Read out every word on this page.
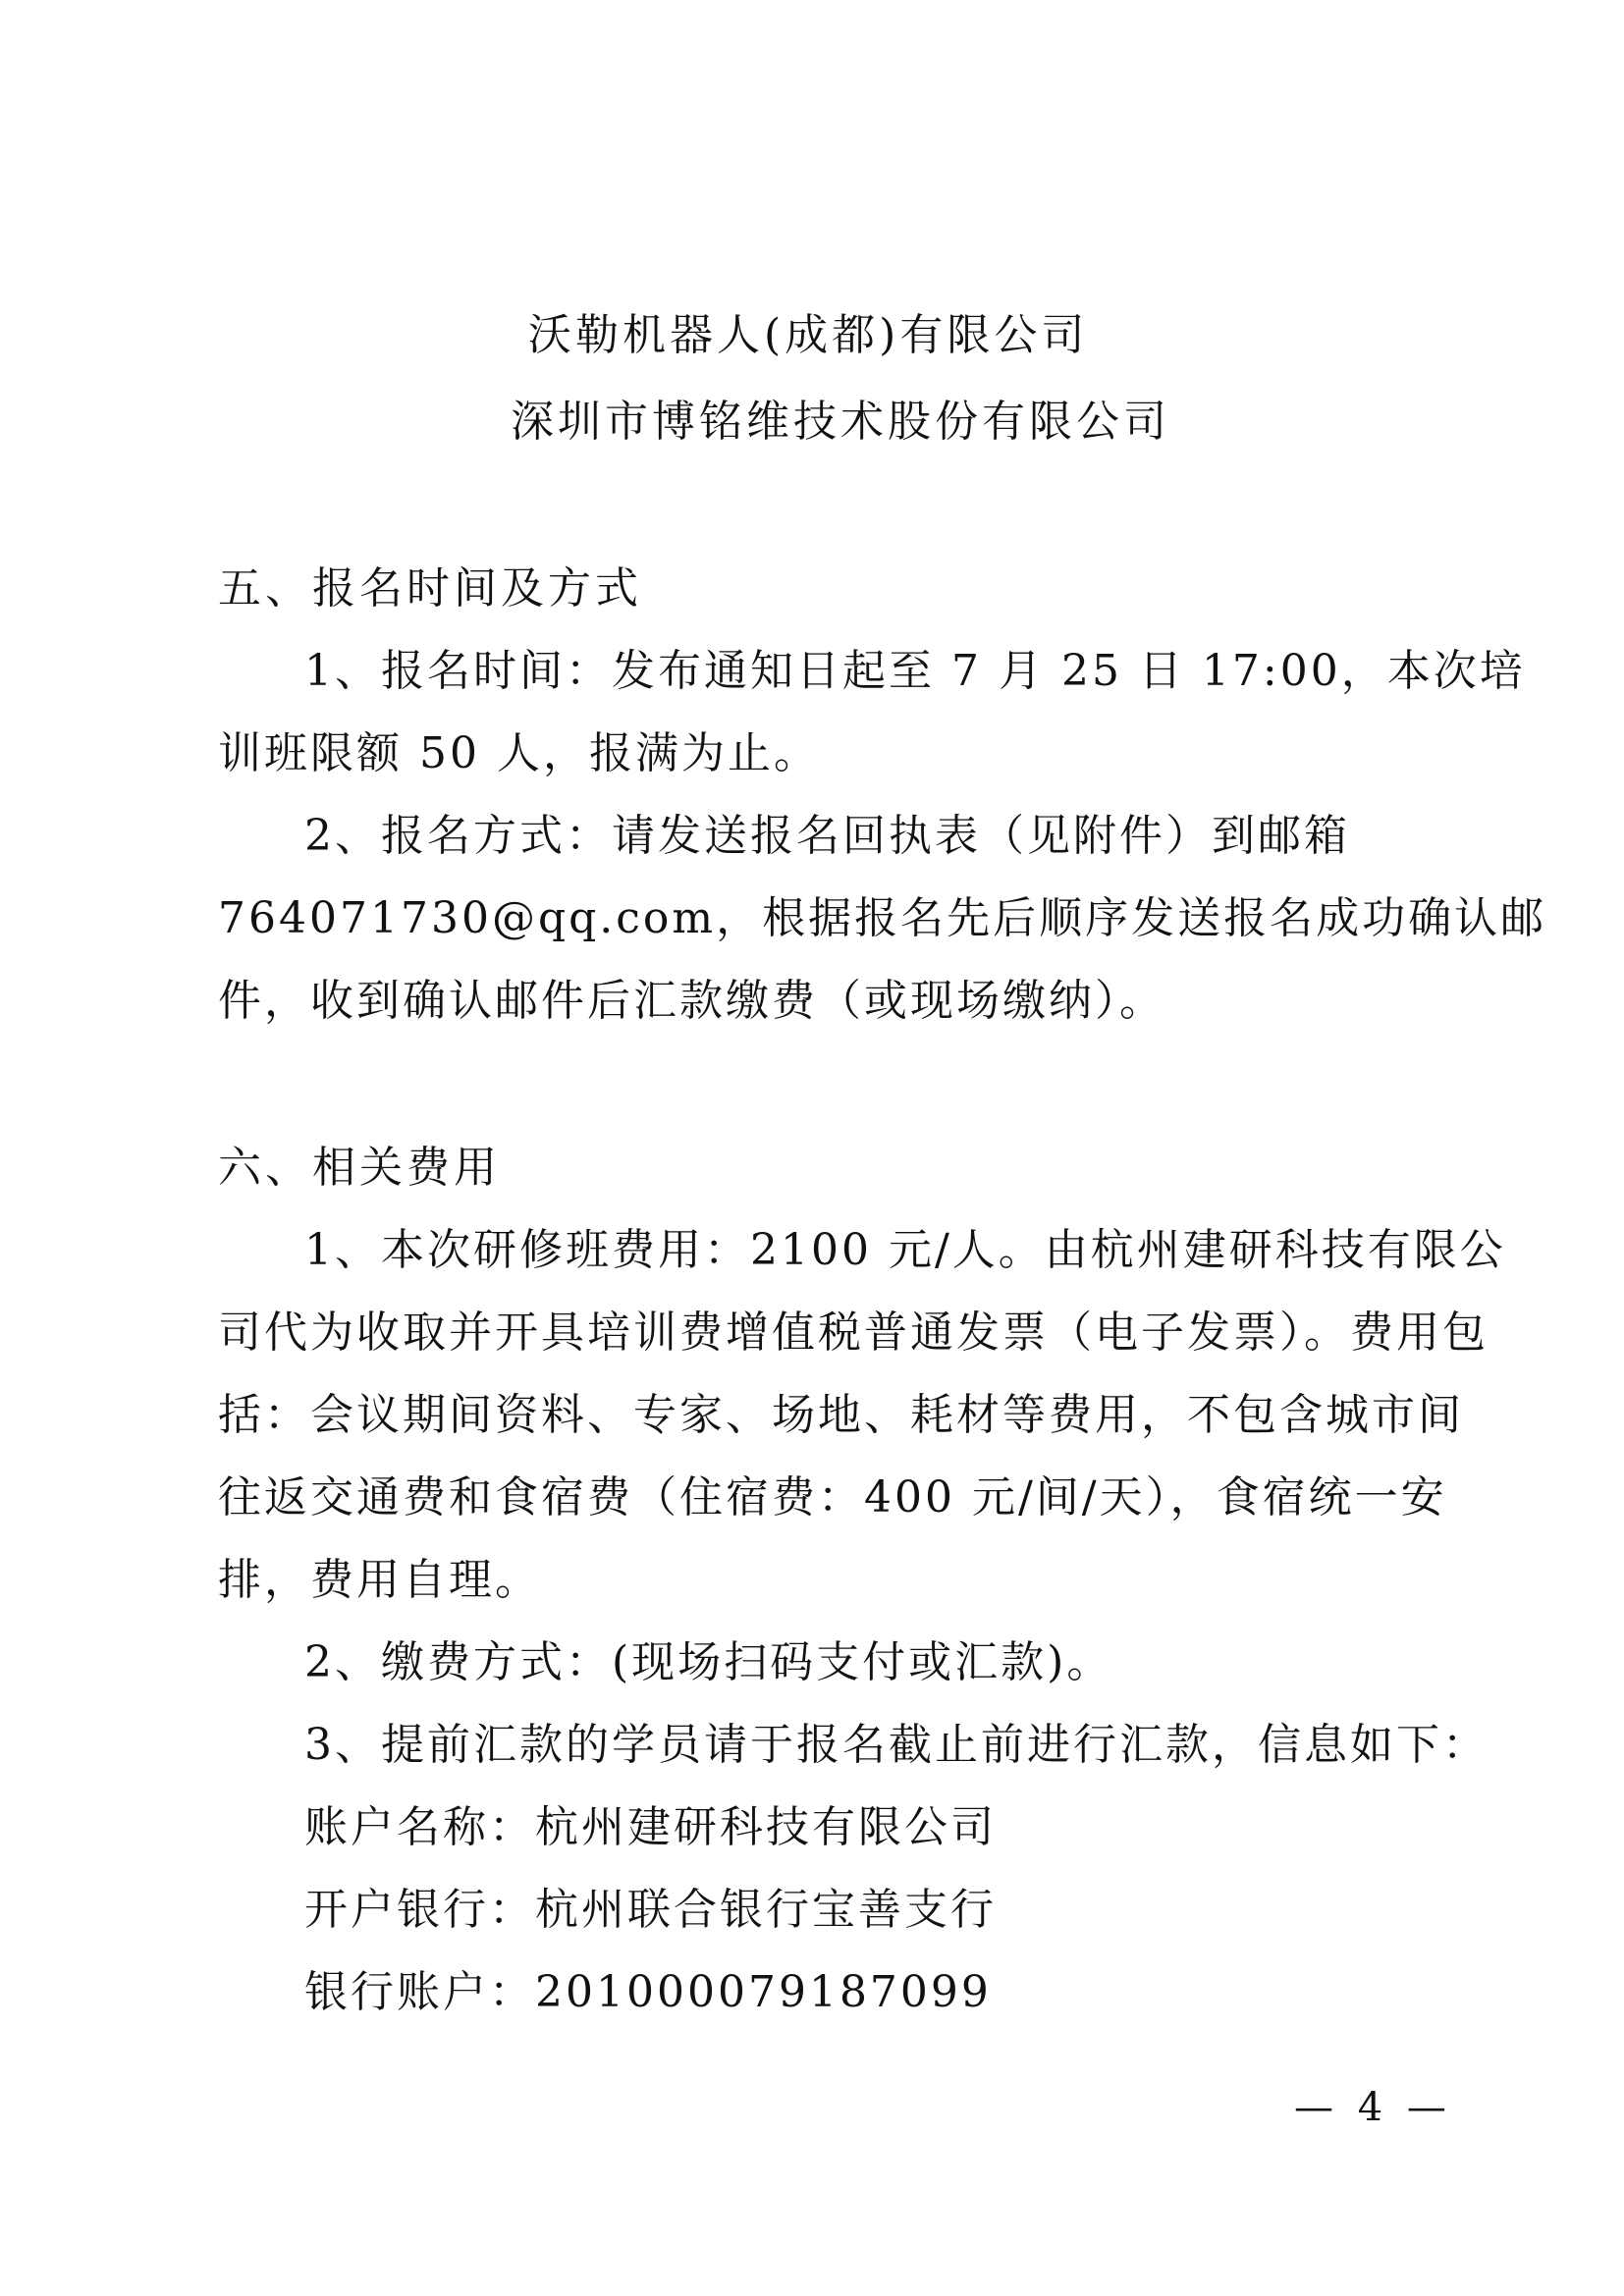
沃勒机器人(成都)有限公司
深圳市博铭维技术股份有限公司
五、报名时间及方式
1、报名时间：发布通知日起至 7 月 25 日 17:00，本次培
训班限额 50 人，报满为止。
2、报名方式：请发送报名回执表（见附件）到邮箱
764071730@qq.com，根据报名先后顺序发送报名成功确认邮
件，收到确认邮件后汇款缴费（或现场缴纳）。
六、相关费用
1、本次研修班费用：2100 元/人。由杭州建研科技有限公
司代为收取并开具培训费增值税普通发票（电子发票）。费用包
括：会议期间资料、专家、场地、耗材等费用，不包含城市间
往返交通费和食宿费（住宿费：400 元/间/天），食宿统一安
排，费用自理。
2、缴费方式：(现场扫码支付或汇款)。
3、提前汇款的学员请于报名截止前进行汇款，信息如下：
账户名称：杭州建研科技有限公司
开户银行：杭州联合银行宝善支行
银行账户：201000079187099
— 4 —
